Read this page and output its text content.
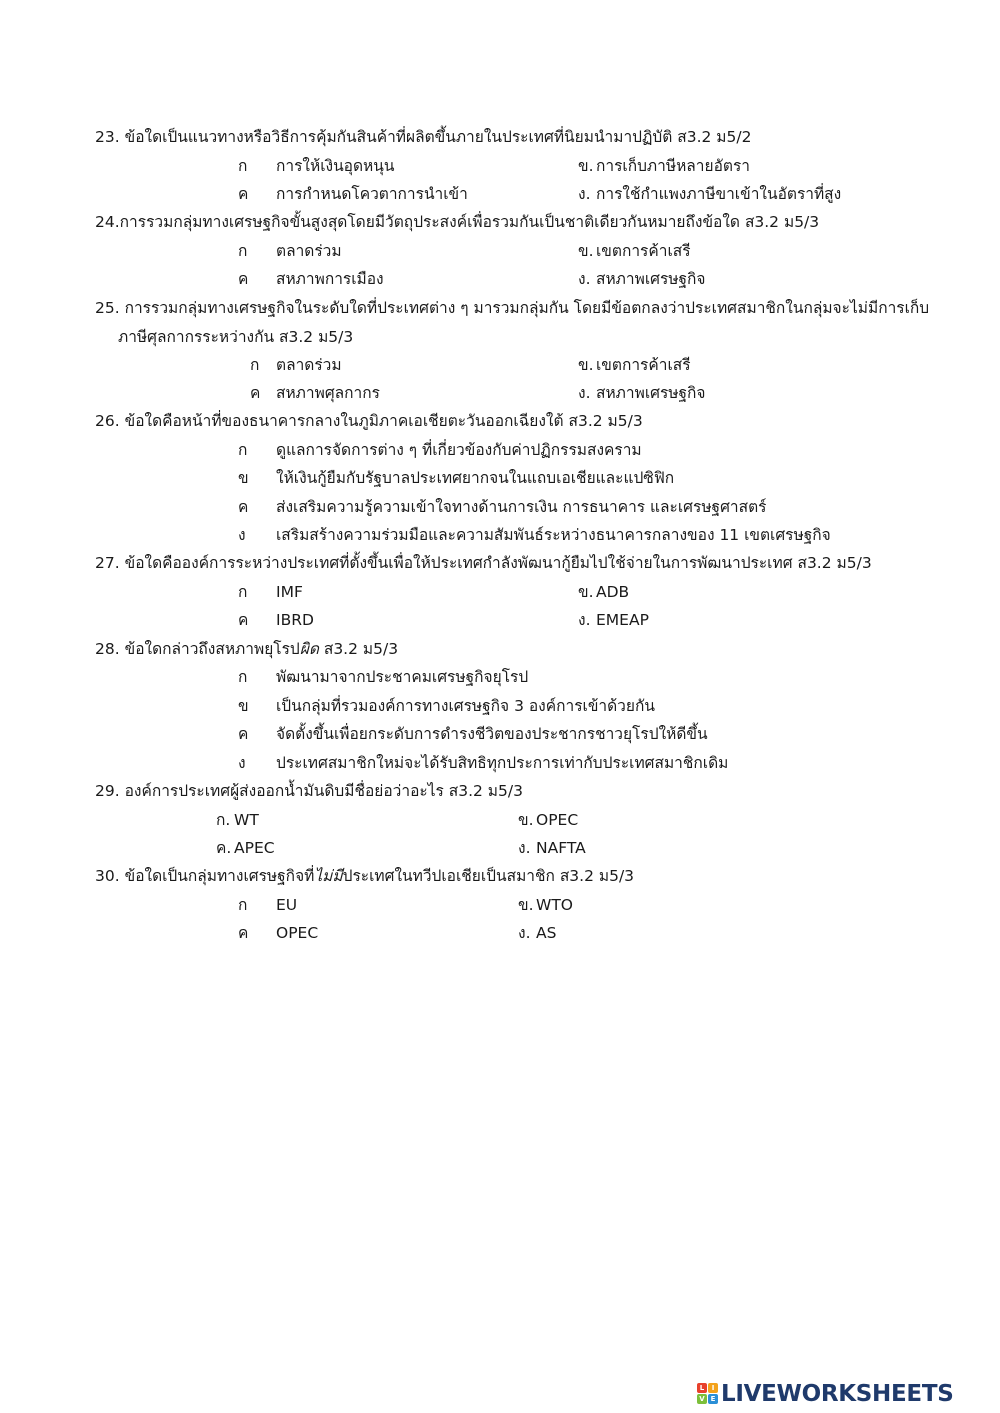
23. ข้อใดเป็นแนวทางหรือวิธีการคุ้มกันสินค้าที่ผลิตขึ้นภายในประเทศที่นิยมนำมาปฏิบัติ ส3.2 ม5/2
ก การให้เงินอุดหนุน	ข. การเก็บภาษีหลายอัตรา
ค การกำหนดโควตาการนำเข้า	ง. การใช้กำแพงภาษีขาเข้าในอัตราที่สูง
24.การรวมกลุ่มทางเศรษฐกิจขั้นสูงสุดโดยมีวัตถุประสงค์เพื่อรวมกันเป็นชาติเดียวกันหมายถึงข้อใด ส3.2 ม5/3
ก ตลาดร่วม	ข. เขตการค้าเสรี
ค สหภาพการเมือง	ง. สหภาพเศรษฐกิจ
25. การรวมกลุ่มทางเศรษฐกิจในระดับใดที่ประเทศต่าง ๆ มารวมกลุ่มกัน โดยมีข้อตกลงว่าประเทศสมาชิกในกลุ่มจะไม่มีการเก็บ
ภาษีศุลกากรระหว่างกัน ส3.2 ม5/3
ก ตลาดร่วม	ข. เขตการค้าเสรี
ค สหภาพศุลกากร	ง. สหภาพเศรษฐกิจ
26. ข้อใดคือหน้าที่ของธนาคารกลางในภูมิภาคเอเชียตะวันออกเฉียงใต้ ส3.2 ม5/3
ก ดูแลการจัดการต่าง ๆ ที่เกี่ยวข้องกับค่าปฏิกรรมสงคราม
ข ให้เงินกู้ยืมกับรัฐบาลประเทศยากจนในแถบเอเชียและแปซิฟิก
ค ส่งเสริมความรู้ความเข้าใจทางด้านการเงิน การธนาคาร และเศรษฐศาสตร์
ง เสริมสร้างความร่วมมือและความสัมพันธ์ระหว่างธนาคารกลางของ 11 เขตเศรษฐกิจ
27. ข้อใดคือองค์การระหว่างประเทศที่ตั้งขึ้นเพื่อให้ประเทศกำลังพัฒนากู้ยืมไปใช้จ่ายในการพัฒนาประเทศ ส3.2 ม5/3
ก IMF	ข. ADB
ค IBRD	ง. EMEAP
28. ข้อใดกล่าวถึงสหภาพยุโรปผิด ส3.2 ม5/3
ก พัฒนามาจากประชาคมเศรษฐกิจยุโรป
ข เป็นกลุ่มที่รวมองค์การทางเศรษฐกิจ 3 องค์การเข้าด้วยกัน
ค จัดตั้งขึ้นเพื่อยกระดับการดำรงชีวิตของประชากรชาวยุโรปให้ดีขึ้น
ง ประเทศสมาชิกใหม่จะได้รับสิทธิทุกประการเท่ากับประเทศสมาชิกเดิม
29. องค์การประเทศผู้ส่งออกน้ำมันดิบมีชื่อย่อว่าอะไร ส3.2 ม5/3
ก. WT	ข. OPEC
ค. APEC	ง. NAFTA
30. ข้อใดเป็นกลุ่มทางเศรษฐกิจที่ไม่มีประเทศในทวีปเอเชียเป็นสมาชิก ส3.2 ม5/3
ก EU	ข. WTO
ค OPEC	ง. AS
L	I
V E LIVEWORKSHEETS
